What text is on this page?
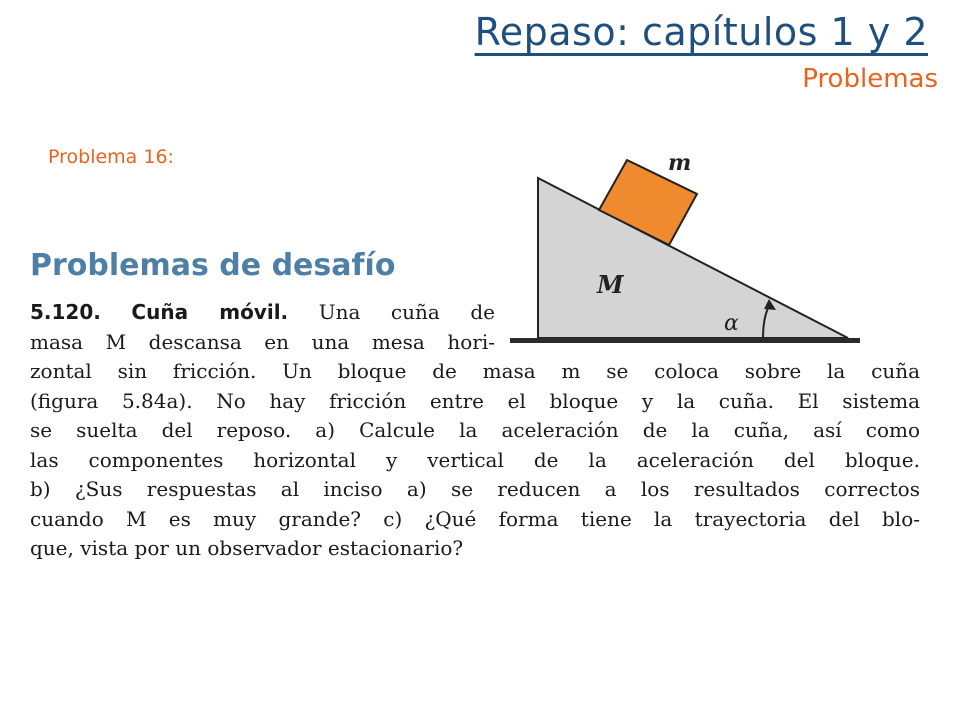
Repaso: capítulos 1 y 2
Problemas
Problema 16:	m
M
α
Problemas de desafío
5.120. Cuña móvil. Una cuña de
masa M descansa en una mesa hori-
zontal sin fricción. Un bloque de masa m se coloca sobre la cuña
(figura 5.84a). No hay fricción entre el bloque y la cuña. El sistema
se suelta del reposo. a) Calcule la aceleración de la cuña, así como
las componentes horizontal y vertical de la aceleración del bloque.
b) ¿Sus respuestas al inciso a) se reducen a los resultados correctos
cuando M es muy grande? c) ¿Qué forma tiene la trayectoria del blo-
que, vista por un observador estacionario?
